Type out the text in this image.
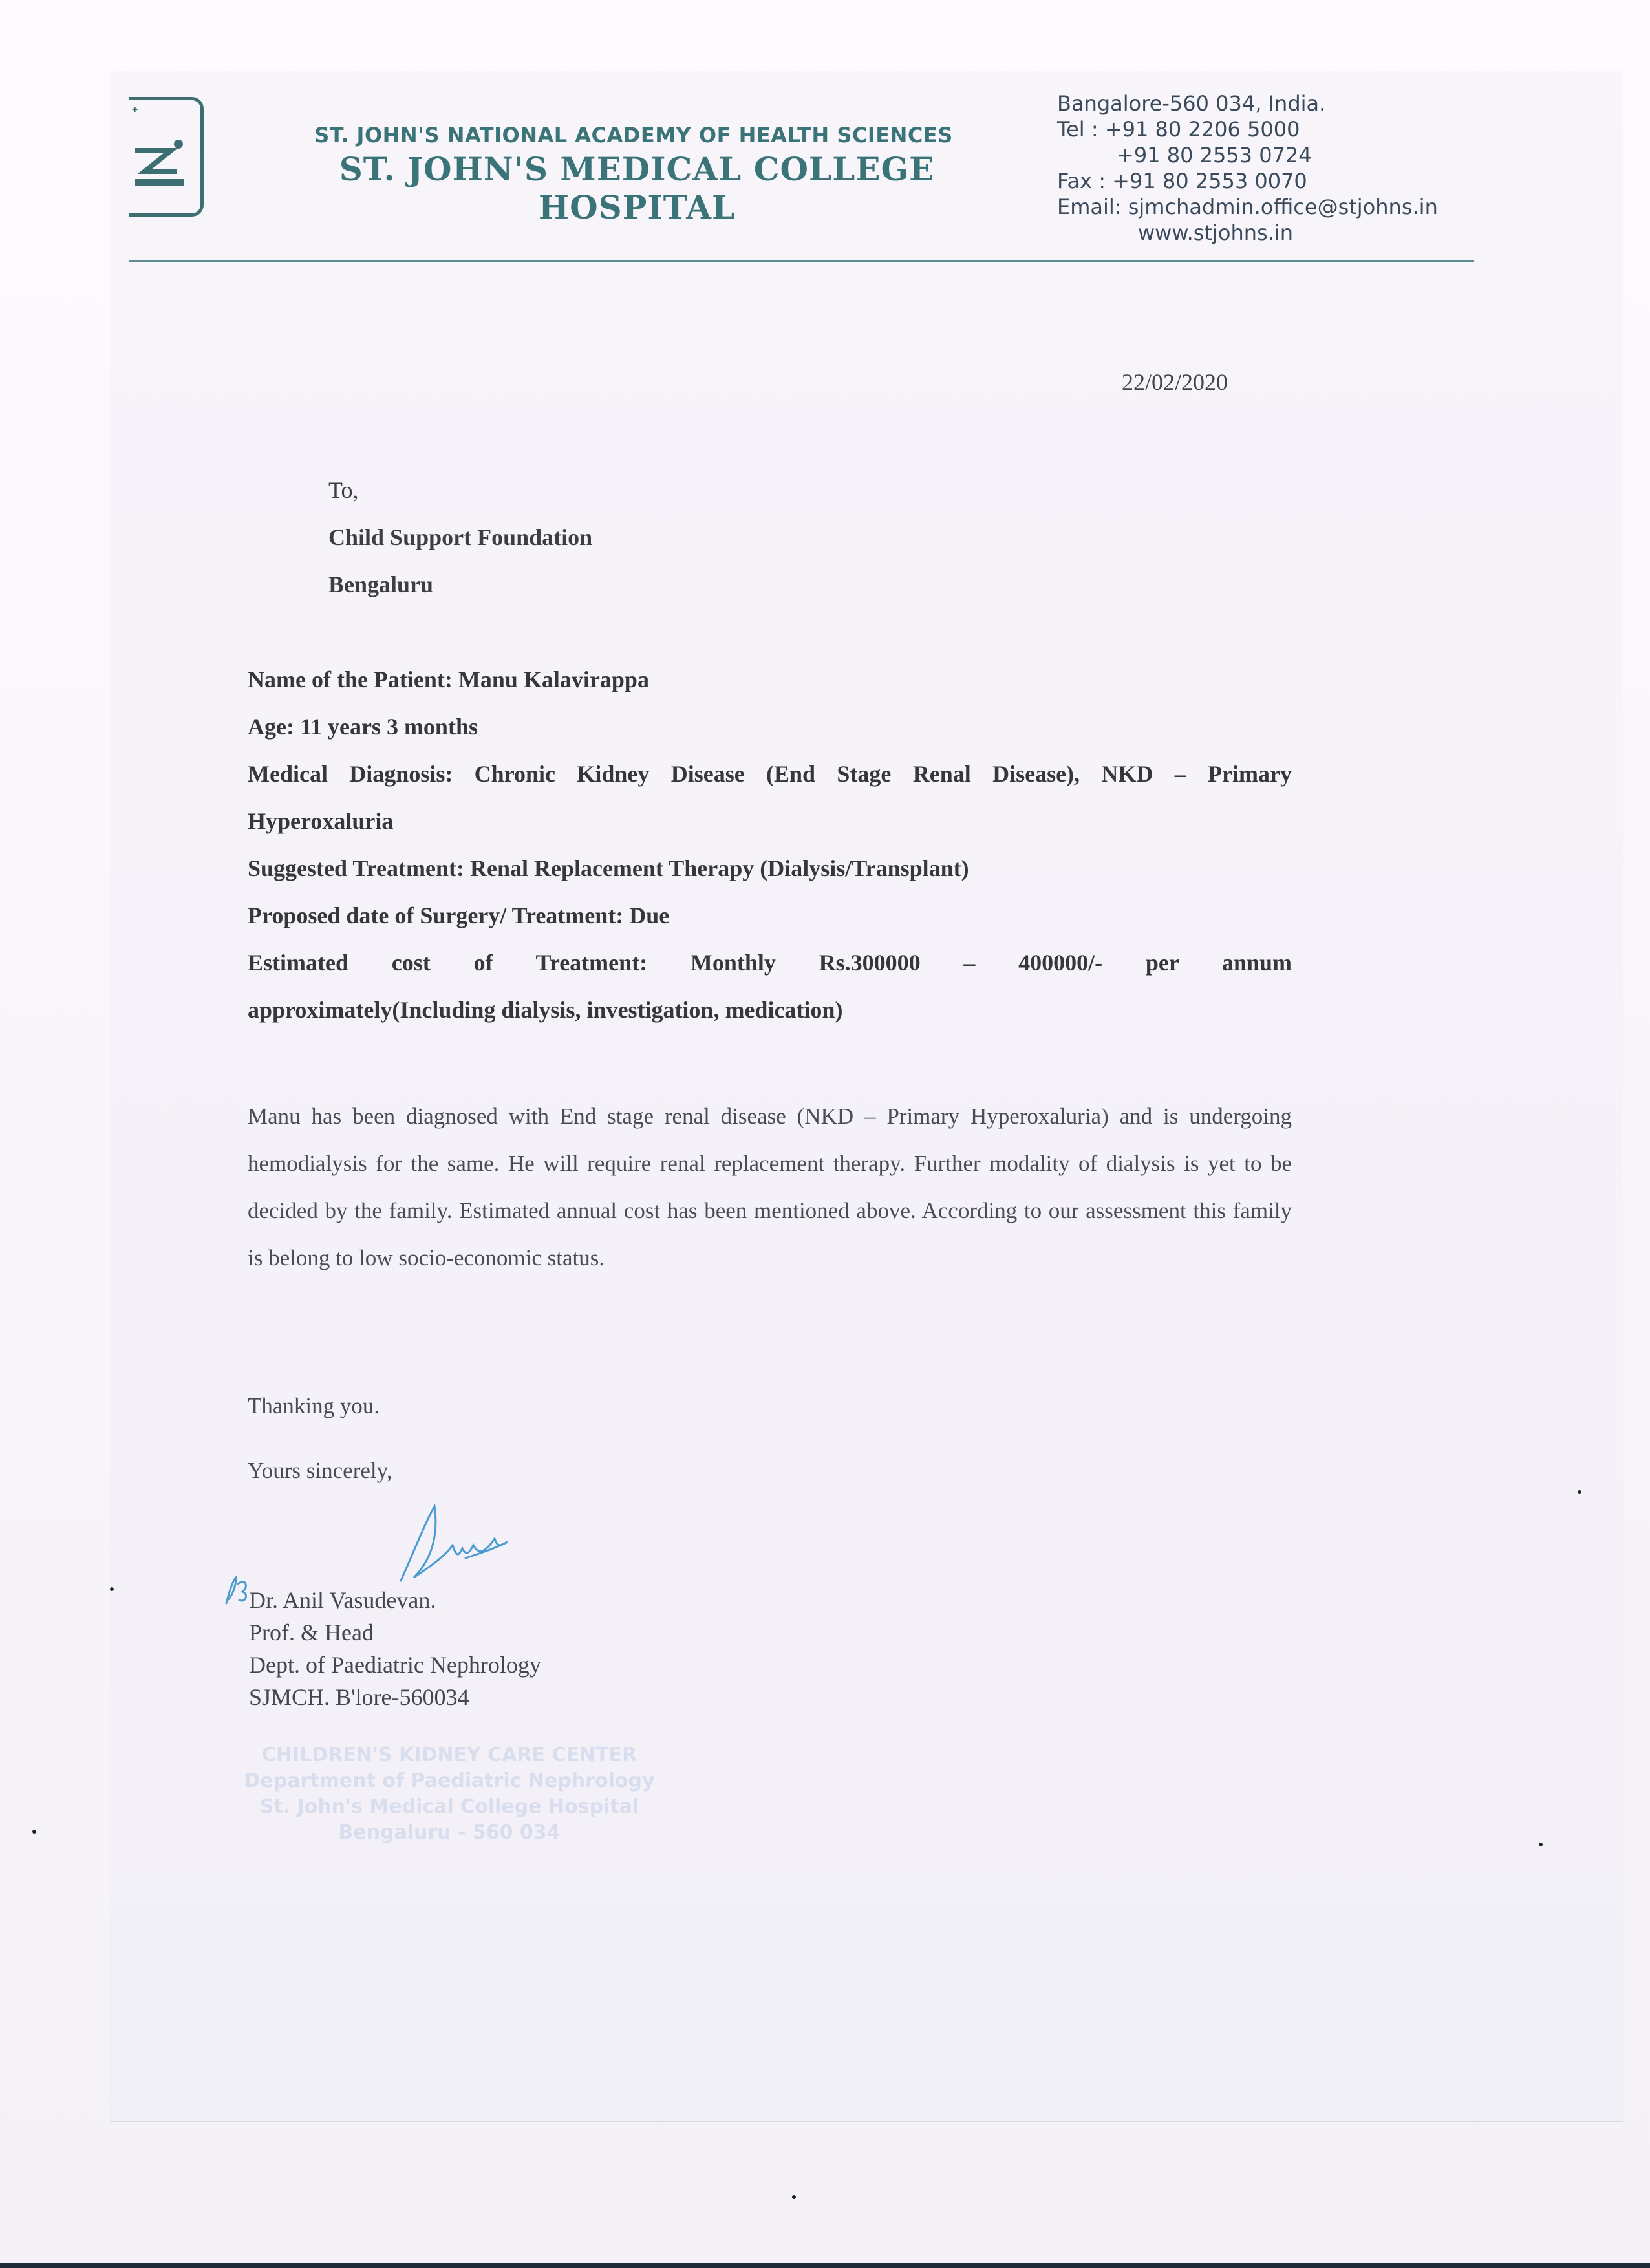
✚
ST. JOHN'S NATIONAL ACADEMY OF HEALTH SCIENCES
ST. JOHN'S MEDICAL COLLEGE HOSPITAL
Bangalore-560 034, India.
Tel : +91 80 2206 5000
+91 80 2553 0724
Fax : +91 80 2553 0070
Email: sjmchadmin.office@stjohns.in
www.stjohns.in
22/02/2020
To,
Child Support Foundation
Bengaluru
Name of the Patient: Manu Kalavirappa
Age: 11 years 3 months
Medical Diagnosis: Chronic Kidney Disease (End Stage Renal Disease), NKD – Primary
Hyperoxaluria
Suggested Treatment: Renal Replacement Therapy (Dialysis/Transplant)
Proposed date of Surgery/ Treatment: Due
Estimated cost of Treatment: Monthly Rs.300000 – 400000/- per annum
approximately(Including dialysis, investigation, medication)
Manu has been diagnosed with End stage renal disease (NKD – Primary Hyperoxaluria) and is undergoing hemodialysis for the same. He will require renal replacement therapy. Further modality of dialysis is yet to be decided by the family. Estimated annual cost has been mentioned above. According to our assessment this family is belong to low socio-economic status.
Thanking you.
Yours sincerely,
Dr. Anil Vasudevan.
Prof. & Head
Dept. of Paediatric Nephrology
SJMCH. B'lore-560034
CHILDREN'S KIDNEY CARE CENTER
Department of Paediatric Nephrology
St. John's Medical College Hospital
Bengaluru - 560 034
